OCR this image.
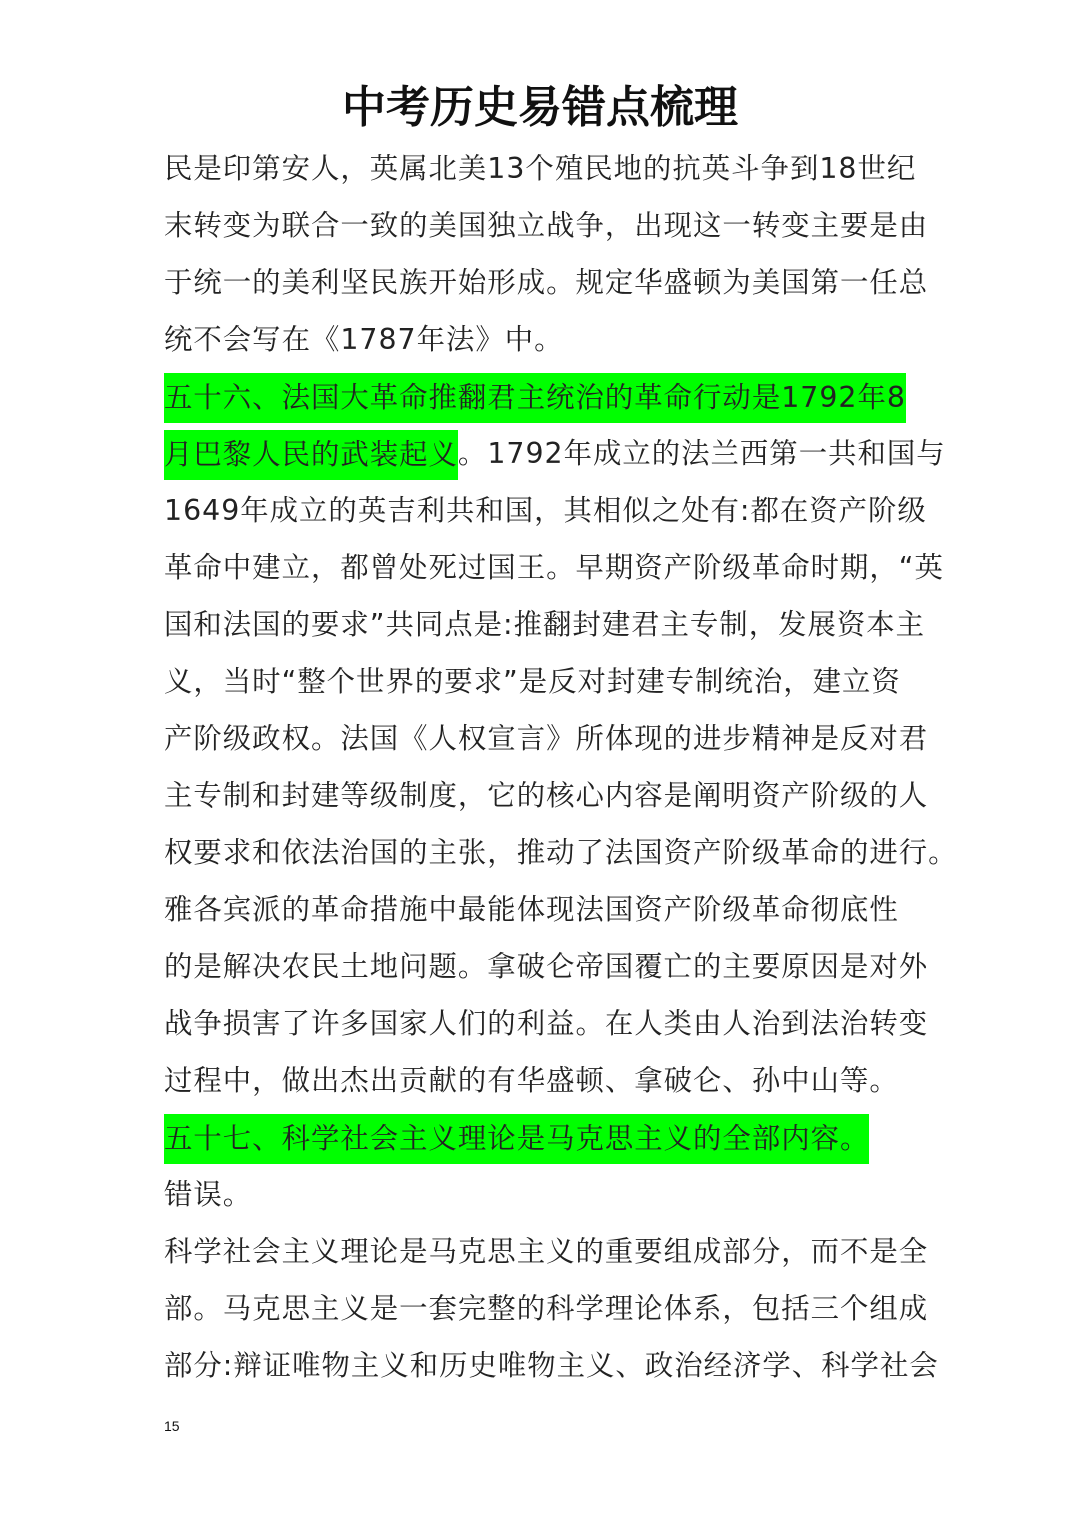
中考历史易错点梳理
民是印第安人，英属北美13个殖民地的抗英斗争到18世纪
末转变为联合一致的美国独立战争，出现这一转变主要是由
于统一的美利坚民族开始形成。规定华盛顿为美国第一任总
统不会写在《1787年法》中。
五十六、法国大革命推翻君主统治的革命行动是1792年8
月巴黎人民的武装起义。1792年成立的法兰西第一共和国与
1649年成立的英吉利共和国，其相似之处有:都在资产阶级
革命中建立，都曾处死过国王。早期资产阶级革命时期，“英
国和法国的要求”共同点是:推翻封建君主专制，发展资本主
义，当时“整个世界的要求”是反对封建专制统治，建立资
产阶级政权。法国《人权宣言》所体现的进步精神是反对君
主专制和封建等级制度，它的核心内容是阐明资产阶级的人
权要求和依法治国的主张，推动了法国资产阶级革命的进行。
雅各宾派的革命措施中最能体现法国资产阶级革命彻底性
的是解决农民土地问题。拿破仑帝国覆亡的主要原因是对外
战争损害了许多国家人们的利益。在人类由人治到法治转变
过程中，做出杰出贡献的有华盛顿、拿破仑、孙中山等。
五十七、科学社会主义理论是马克思主义的全部内容。
错误。
科学社会主义理论是马克思主义的重要组成部分，而不是全
部。马克思主义是一套完整的科学理论体系，包括三个组成
部分:辩证唯物主义和历史唯物主义、政治经济学、科学社会
15
